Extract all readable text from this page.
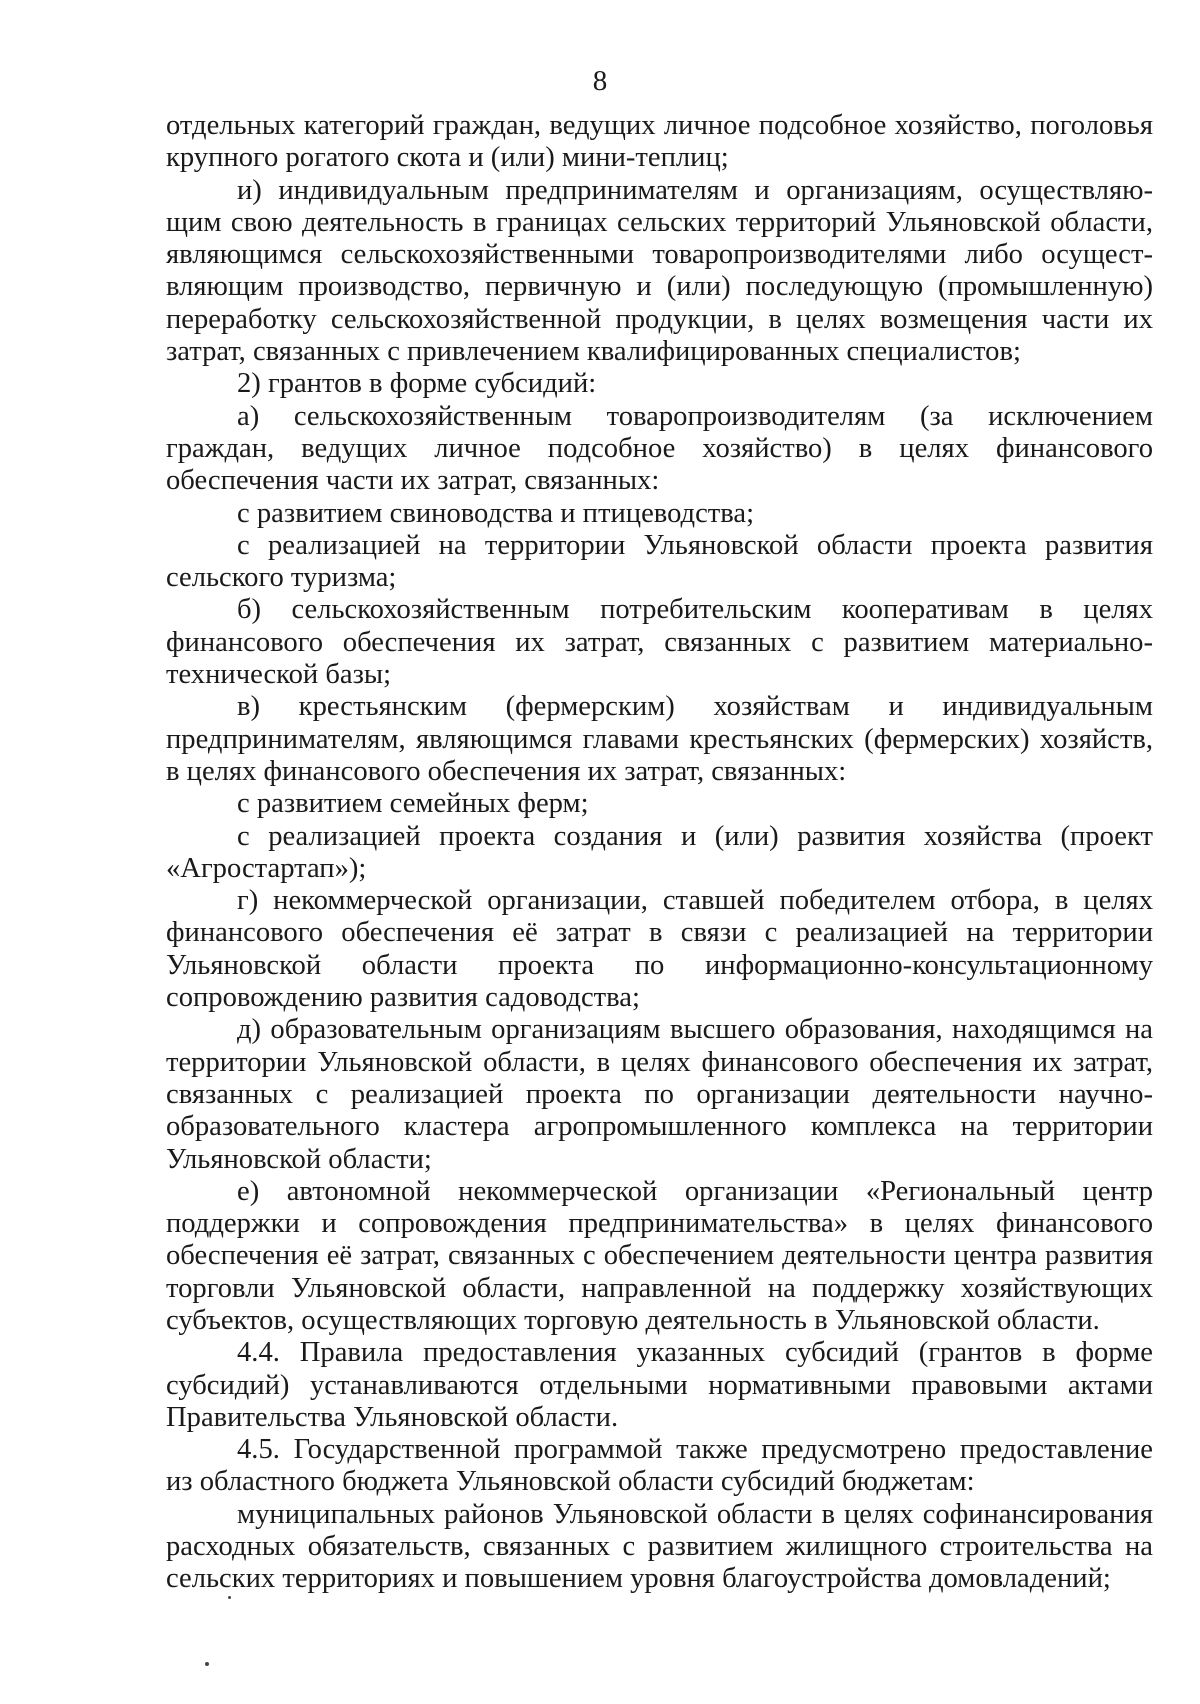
8

отдельных категорий граждан, ведущих личное подсобное хозяйство, поголовья крупного рогатого скота и (или) мини-теплиц;

и) индивидуальным предпринимателям и организациям, осуществляю-щим свою деятельность в границах сельских территорий Ульяновской области, являющимся сельскохозяйственными товаропроизводителями либо осущест-вляющим производство, первичную и (или) последующую (промышленную) переработку сельскохозяйственной продукции, в целях возмещения части их затрат, связанных с привлечением квалифицированных специалистов;

2) грантов в форме субсидий:

а) сельскохозяйственным товаропроизводителям (за исключением граждан, ведущих личное подсобное хозяйство) в целях финансового обеспечения части их затрат, связанных:

с развитием свиноводства и птицеводства;

с реализацией на территории Ульяновской области проекта развития сельского туризма;

б) сельскохозяйственным потребительским кооперативам в целях финансового обеспечения их затрат, связанных с развитием материально-технической базы;

в) крестьянским (фермерским) хозяйствам и индивидуальным предпринимателям, являющимся главами крестьянских (фермерских) хозяйств, в целях финансового обеспечения их затрат, связанных:

с развитием семейных ферм;

с реализацией проекта создания и (или) развития хозяйства (проект «Агростартап»);

г) некоммерческой организации, ставшей победителем отбора, в целях финансового обеспечения её затрат в связи с реализацией на территории Ульяновской области проекта по информационно-консультационному сопровождению развития садоводства;

д) образовательным организациям высшего образования, находящимся на территории Ульяновской области, в целях финансового обеспечения их затрат, связанных с реализацией проекта по организации деятельности научно-образовательного кластера агропромышленного комплекса на территории Ульяновской области;

е) автономной некоммерческой организации «Региональный центр поддержки и сопровождения предпринимательства» в целях финансового обеспечения её затрат, связанных с обеспечением деятельности центра развития торговли Ульяновской области, направленной на поддержку хозяйствующих субъектов, осуществляющих торговую деятельность в Ульяновской области.

4.4. Правила предоставления указанных субсидий (грантов в форме субсидий) устанавливаются отдельными нормативными правовыми актами Правительства Ульяновской области.

4.5. Государственной программой также предусмотрено предоставление из областного бюджета Ульяновской области субсидий бюджетам:

муниципальных районов Ульяновской области в целях софинансирования расходных обязательств, связанных с развитием жилищного строительства на сельских территориях и повышением уровня благоустройства домовладений;
